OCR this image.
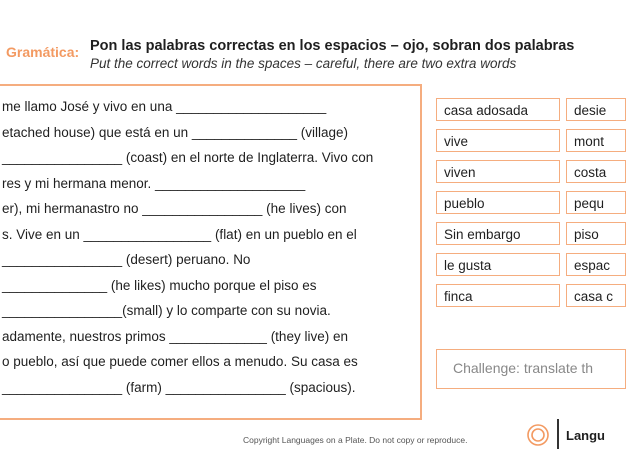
Gramática: Pon las palabras correctas en los espacios – ojo, sobran dos palabras
Put the correct words in the spaces – careful, there are two extra words
me llamo José y vivo en una ____________________
etached house) que está en un ______________ (village)
________________ (coast) en el norte de Inglaterra. Vivo con
res y mi hermana menor. ____________________
er), mi hermanastro no ________________ (he lives) con
s. Vive en un _________________ (flat) en un pueblo en el
________________ (desert) peruano. No
______________ (he likes) mucho porque el piso es
________________(small) y lo comparte con su novia.
adamente, nuestros primos _____________ (they live) en
o pueblo, así que puede comer ellos a menudo. Su casa es
________________ (farm) ________________ (spacious).
casa adosada	desie
vive	mont
viven	costa
pueblo	pequ
Sin embargo	piso
le gusta	espac
finca	casa c
Challenge: translate th
Copyright Languages on a Plate. Do not copy or reproduce.	Langu
